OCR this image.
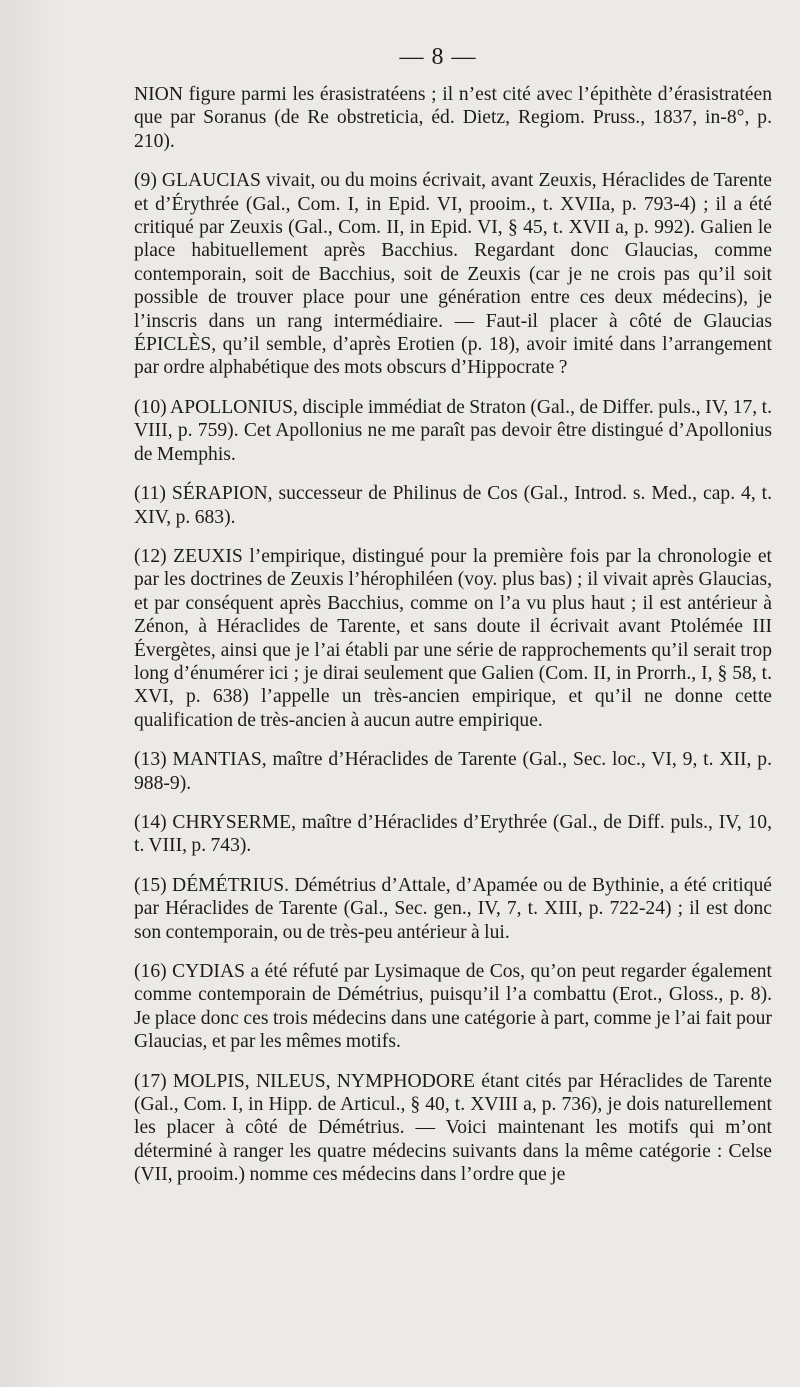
— 8 —

NION figure parmi les érasistratéens ; il n’est cité avec l’épithète d’érasistratéen que par Soranus (de Re obstreticia, éd. Dietz, Regiom. Pruss., 1837, in-8°, p. 210).

(9) GLAUCIAS vivait, ou du moins écrivait, avant Zeuxis, Héraclides de Tarente et d’Érythrée (Gal., Com. I, in Epid. VI, prooim., t. XVIIa, p. 793-4) ; il a été critiqué par Zeuxis (Gal., Com. II, in Epid. VI, § 45, t. XVII a, p. 992). Galien le place habituellement après Bacchius. Regardant donc Glaucias, comme contemporain, soit de Bacchius, soit de Zeuxis (car je ne crois pas qu’il soit possible de trouver place pour une génération entre ces deux médecins), je l’inscris dans un rang intermédiaire. — Faut-il placer à côté de Glaucias ÉPICLÈS, qu’il semble, d’après Erotien (p. 18), avoir imité dans l’arrangement par ordre alphabétique des mots obscurs d’Hippocrate ?

(10) APOLLONIUS, disciple immédiat de Straton (Gal., de Differ. puls., IV, 17, t. VIII, p. 759). Cet Apollonius ne me paraît pas devoir être distingué d’Apollonius de Memphis.

(11) SÉRAPION, successeur de Philinus de Cos (Gal., Introd. s. Med., cap. 4, t. XIV, p. 683).

(12) ZEUXIS l’empirique, distingué pour la première fois par la chronologie et par les doctrines de Zeuxis l’hérophiléen (voy. plus bas) ; il vivait après Glaucias, et par conséquent après Bacchius, comme on l’a vu plus haut ; il est antérieur à Zénon, à Héraclides de Tarente, et sans doute il écrivait avant Ptolémée III Évergètes, ainsi que je l’ai établi par une série de rapprochements qu’il serait trop long d’énumérer ici ; je dirai seulement que Galien (Com. II, in Prorrh., I, § 58, t. XVI, p. 638) l’appelle un très-ancien empirique, et qu’il ne donne cette qualification de très-ancien à aucun autre empirique.

(13) MANTIAS, maître d’Héraclides de Tarente (Gal., Sec. loc., VI, 9, t. XII, p. 988-9).

(14) CHRYSERME, maître d’Héraclides d’Erythrée (Gal., de Diff. puls., IV, 10, t. VIII, p. 743).

(15) DÉMÉTRIUS. Démétrius d’Attale, d’Apamée ou de Bythinie, a été critiqué par Héraclides de Tarente (Gal., Sec. gen., IV, 7, t. XIII, p. 722-24) ; il est donc son contemporain, ou de très-peu antérieur à lui.

(16) CYDIAS a été réfuté par Lysimaque de Cos, qu’on peut regarder également comme contemporain de Démétrius, puisqu’il l’a combattu (Erot., Gloss., p. 8). Je place donc ces trois médecins dans une catégorie à part, comme je l’ai fait pour Glaucias, et par les mêmes motifs.

(17) MOLPIS, NILEUS, NYMPHODORE étant cités par Héraclides de Tarente (Gal., Com. I, in Hipp. de Articul., § 40, t. XVIII a, p. 736), je dois naturellement les placer à côté de Démétrius. — Voici maintenant les motifs qui m’ont déterminé à ranger les quatre médecins suivants dans la même catégorie : Celse (VII, prooim.) nomme ces médecins dans l’ordre que je
